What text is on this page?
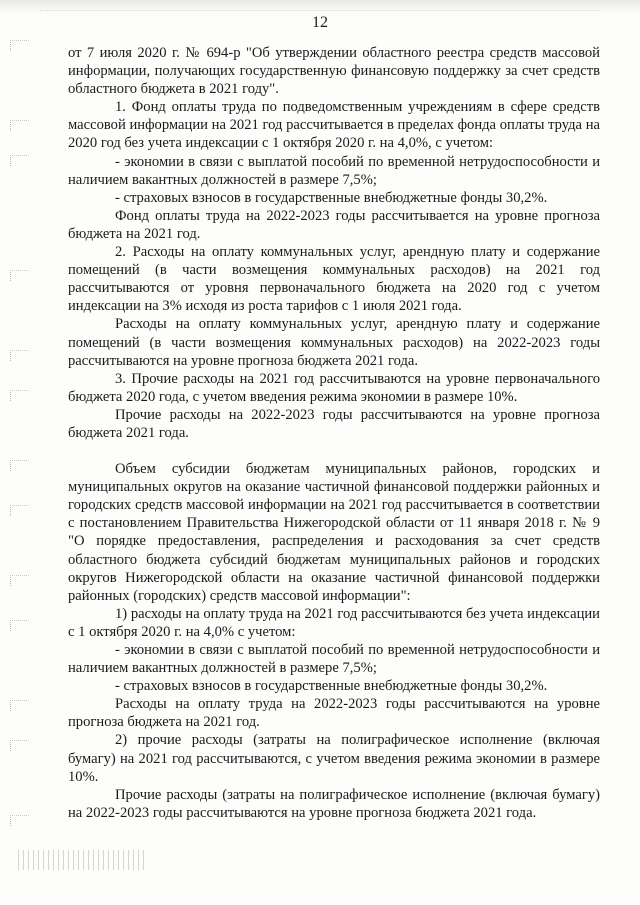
12

от 7 июля 2020 г. № 694-р "Об утверждении областного реестра средств массовой информации, получающих государственную финансовую поддержку за счет средств областного бюджета в 2021 году".

1. Фонд оплаты труда по подведомственным учреждениям в сфере средств массовой информации на 2021 год рассчитывается в пределах фонда оплаты труда на 2020 год без учета индексации с 1 октября 2020 г. на 4,0%, с учетом:

- экономии в связи с выплатой пособий по временной нетрудоспособности и наличием вакантных должностей в размере 7,5%;

- страховых взносов в государственные внебюджетные фонды 30,2%.

Фонд оплаты труда на 2022-2023 годы рассчитывается на уровне прогноза бюджета на 2021 год.

2. Расходы на оплату коммунальных услуг, арендную плату и содержание помещений (в части возмещения коммунальных расходов) на 2021 год рассчитываются от уровня первоначального бюджета на 2020 год с учетом индексации на 3% исходя из роста тарифов с 1 июля 2021 года.

Расходы на оплату коммунальных услуг, арендную плату и содержание помещений (в части возмещения коммунальных расходов) на 2022-2023 годы рассчитываются на уровне прогноза бюджета 2021 года.

3. Прочие расходы на 2021 год рассчитываются на уровне первоначального бюджета 2020 года, с учетом введения режима экономии в размере 10%.

Прочие расходы на 2022-2023 годы рассчитываются на уровне прогноза бюджета 2021 года.

Объем субсидии бюджетам муниципальных районов, городских и муниципальных округов на оказание частичной финансовой поддержки районных и городских средств массовой информации на 2021 год рассчитывается в соответствии с постановлением Правительства Нижегородской области от 11 января 2018 г. № 9 "О порядке предоставления, распределения и расходования за счет средств областного бюджета субсидий бюджетам муниципальных районов и городских округов Нижегородской области на оказание частичной финансовой поддержки районных (городских) средств массовой информации":

1) расходы на оплату труда на 2021 год рассчитываются без учета индексации с 1 октября 2020 г. на 4,0% с учетом:

- экономии в связи с выплатой пособий по временной нетрудоспособности и наличием вакантных должностей в размере 7,5%;

- страховых взносов в государственные внебюджетные фонды 30,2%.

Расходы на оплату труда на 2022-2023 годы рассчитываются на уровне прогноза бюджета на 2021 год.

2) прочие расходы (затраты на полиграфическое исполнение (включая бумагу) на 2021 год рассчитываются, с учетом введения режима экономии в размере 10%.

Прочие расходы (затраты на полиграфическое исполнение (включая бумагу) на 2022-2023 годы рассчитываются на уровне прогноза бюджета 2021 года.
